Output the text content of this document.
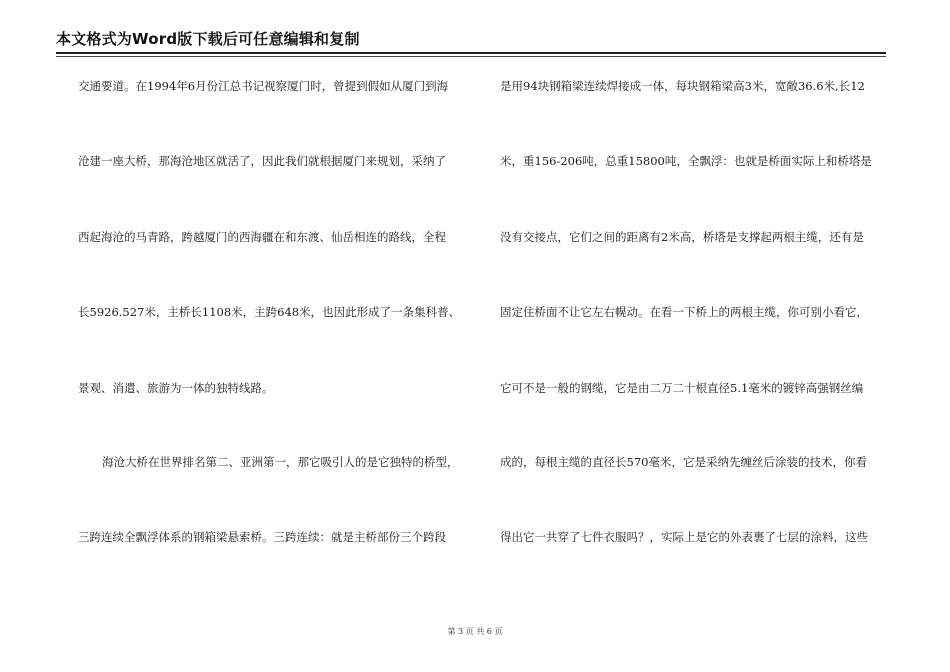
本文格式为Word版下载后可任意编辑和复制
交通要道。在1994年6月份江总书记视察厦门时，曾提到假如从厦门到海
沧建一座大桥，那海沧地区就活了，因此我们就根据厦门来规划，采纳了
西起海沧的马青路，跨越厦门的西海疆在和东渡、仙岳相连的路线，全程
长5926.527米，主桥长1108米，主跨648米，也因此形成了一条集科普、
景观、消遣、旅游为一体的独特线路。
海沧大桥在世界排名第二、亚洲第一，那它吸引人的是它独特的桥型，
三跨连续全飘浮体系的钢箱梁悬索桥。三跨连续：就是主桥部份三个跨段
是用94块钢箱梁连续焊接成一体，每块钢箱梁高3米，宽敞36.6米,长12
米，重156-206吨，总重15800吨，全飘浮：也就是桥面实际上和桥塔是
没有交接点，它们之间的距离有2米高，桥塔是支撑起两根主缆，还有是
固定住桥面不让它左右幌动。在看一下桥上的两根主缆，你可别小看它，
它可不是一般的钢缆，它是由二万二十根直径5.1毫米的镀锌高强钢丝编
成的，每根主缆的直径长570毫米，它是采纳先缠丝后涂装的技术，你看
得出它一共穿了七件衣服吗？，实际上是它的外表裹了七层的涂料，这些
第 3 页 共 6 页
